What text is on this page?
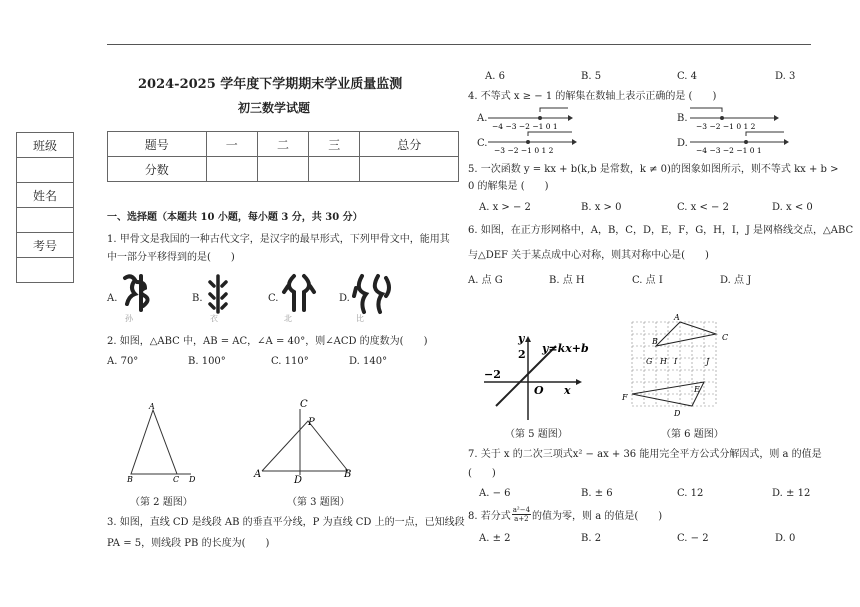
2024-2025 学年度下学期期末学业质量监测
初三数学试题
题号	一	二	三	总分
分数				
班级

姓名

考号

一、选择题（本题共 10 小题，每小题 3 分，共 30 分）
1. 甲骨文是我国的一种古代文字，是汉字的最早形式，下列甲骨文中，能用其
中一部分平移得到的是(　　)
A.	B.	C.	D.
孙	衣	北	比
2. 如图，△ABC 中，AB = AC，∠A = 40°，则∠ACD 的度数为(　　)
A. 70°	B. 100°	C. 110°	D. 140°
A
B	C D
（第 2 题图）
C
P
A
D
B
（第 3 题图）
3. 如图，直线 CD 是线段 AB 的垂直平分线，P 为直线 CD 上的一点，已知线段
PA = 5，则线段 PB 的长度为(　　)
A. 6	B. 5	C. 4	D. 3
4. 不等式 x ≥ − 1 的解集在数轴上表示正确的是 (　　)
A.
−4 −3 −2 −1 0 1
B.
−3 −2 −1 0 1 2
C.
−3 −2 −1 0 1 2
D.
−4 −3 −2 −1 0 1
5. 一次函数 y = kx + b(k,b 是常数，k ≠ 0)的图象如图所示，则不等式 kx + b >
0 的解集是 (　　)
A. x > − 2	B. x > 0	C. x < − 2	D. x < 0
6. 如图，在正方形网格中，A，B，C，D，E，F，G，H，I，J 是网格线交点，△ABC
与△DEF 关于某点成中心对称，则其对称中心是(　　)
A. 点 G	B. 点 H	C. 点 I	D. 点 J
y
2 y=kx+b
−2
O x
（第 5 题图）
A
B	C
G H I	J
E
F
D
（第 6 题图）
7. 关于 x 的二次三项式x² − ax + 36 能用完全平方公式分解因式，则 a 的值是
(　　)
A. − 6	B. ± 6	C. 12	D. ± 12
8. 若分式 $\frac{\text{a²−4}}{a+2}$ 的值为零，则 a 的值是(　　)
A. ± 2	B. 2	C. − 2	D. 0
